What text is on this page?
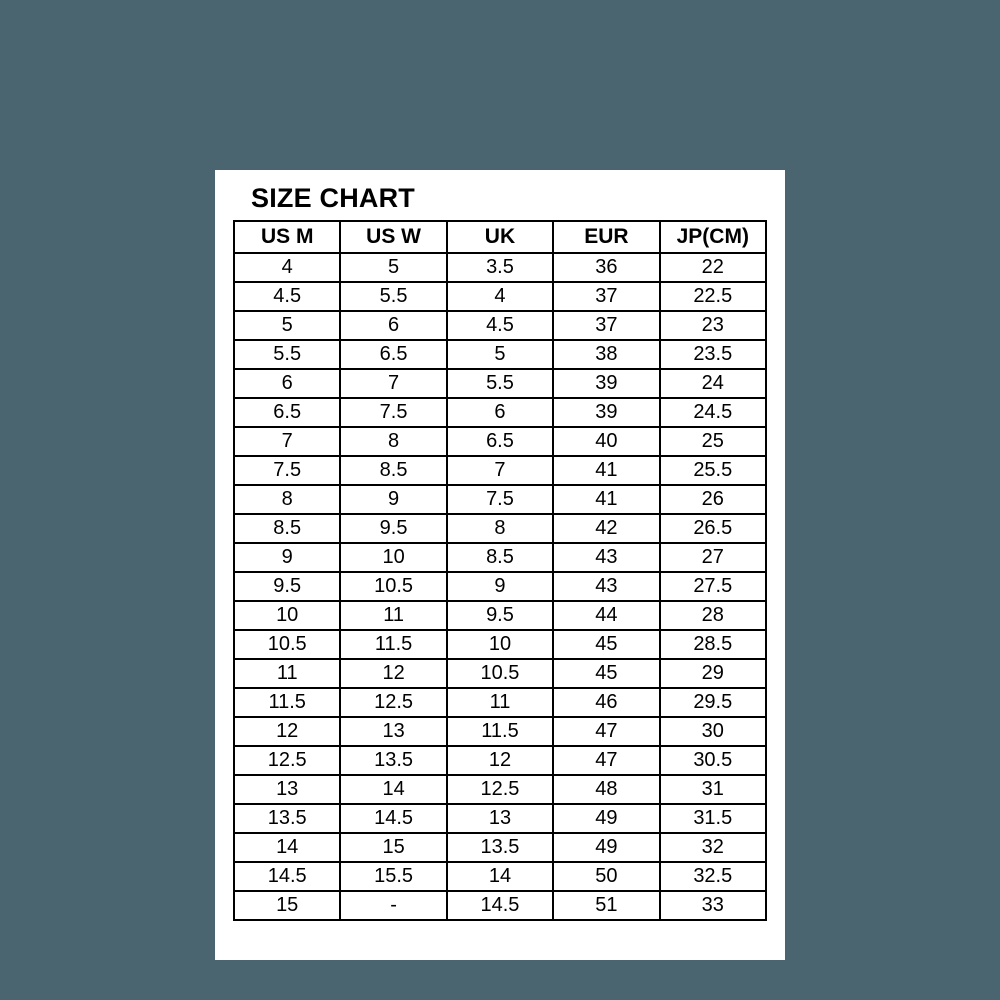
SIZE CHART
US M	US W	UK	EUR	JP(CM)
4	5	3.5	36	22
4.5	5.5	4	37	22.5
5	6	4.5	37	23
5.5	6.5	5	38	23.5
6	7	5.5	39	24
6.5	7.5	6	39	24.5
7	8	6.5	40	25
7.5	8.5	7	41	25.5
8	9	7.5	41	26
8.5	9.5	8	42	26.5
9	10	8.5	43	27
9.5	10.5	9	43	27.5
10	11	9.5	44	28
10.5	11.5	10	45	28.5
11	12	10.5	45	29
11.5	12.5	11	46	29.5
12	13	11.5	47	30
12.5	13.5	12	47	30.5
13	14	12.5	48	31
13.5	14.5	13	49	31.5
14	15	13.5	49	32
14.5	15.5	14	50	32.5
15	-	14.5	51	33
